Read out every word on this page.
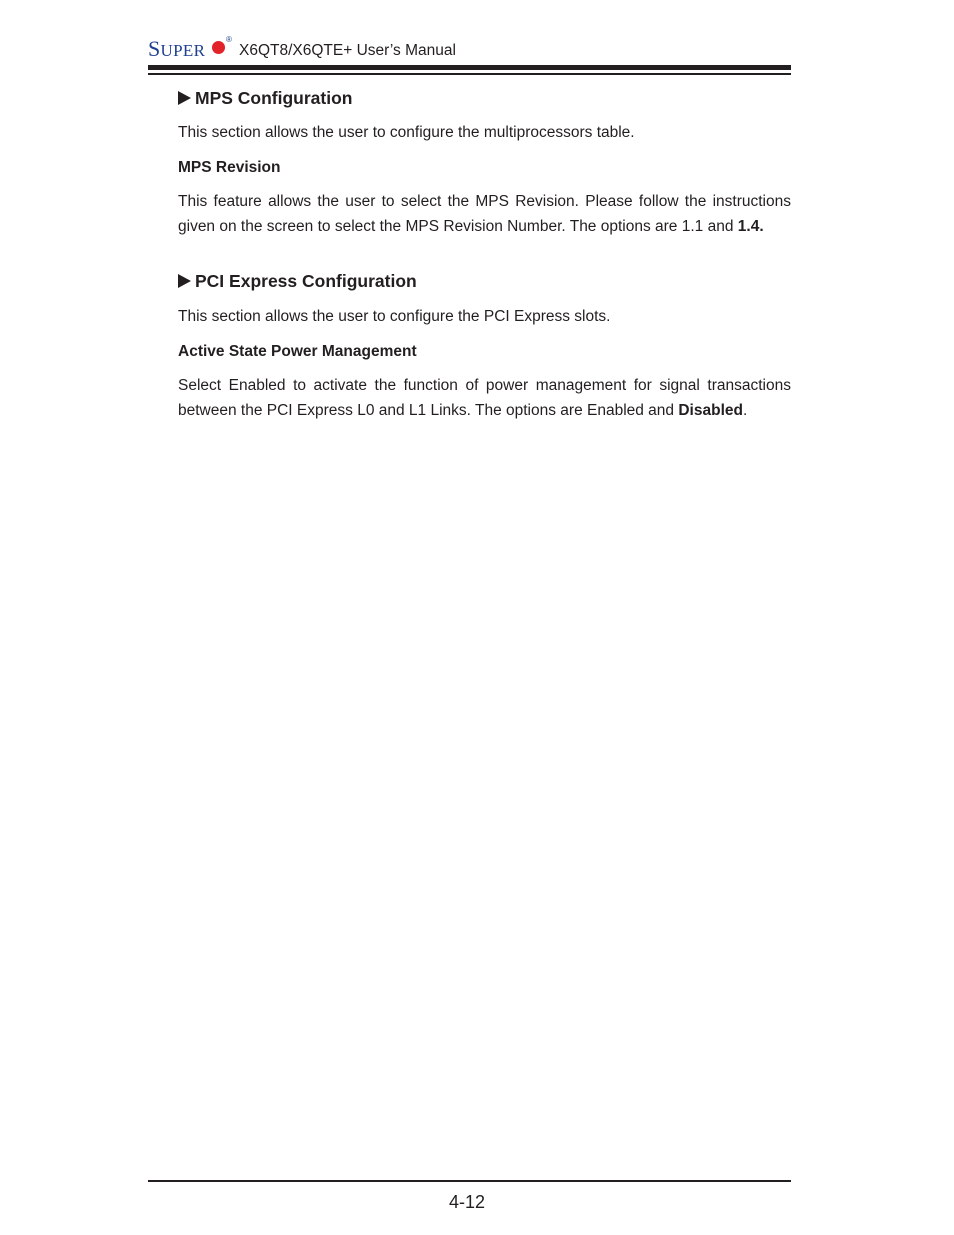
SUPER
®
X6QT8/X6QTE+ User’s Manual
MPS Configuration

This section allows the user to configure the multiprocessors table.

MPS Revision

This feature allows the user to select the MPS Revision. Please follow the instructions given on the screen to select the MPS Revision Number. The options are 1.1 and 1.4.

PCI Express Configuration

This section allows the user to configure the PCI Express slots.

Active State Power Management

Select Enabled to activate the function of power management for signal transactions between the PCI Express L0 and L1 Links. The options are Enabled and Disabled.

4-12
